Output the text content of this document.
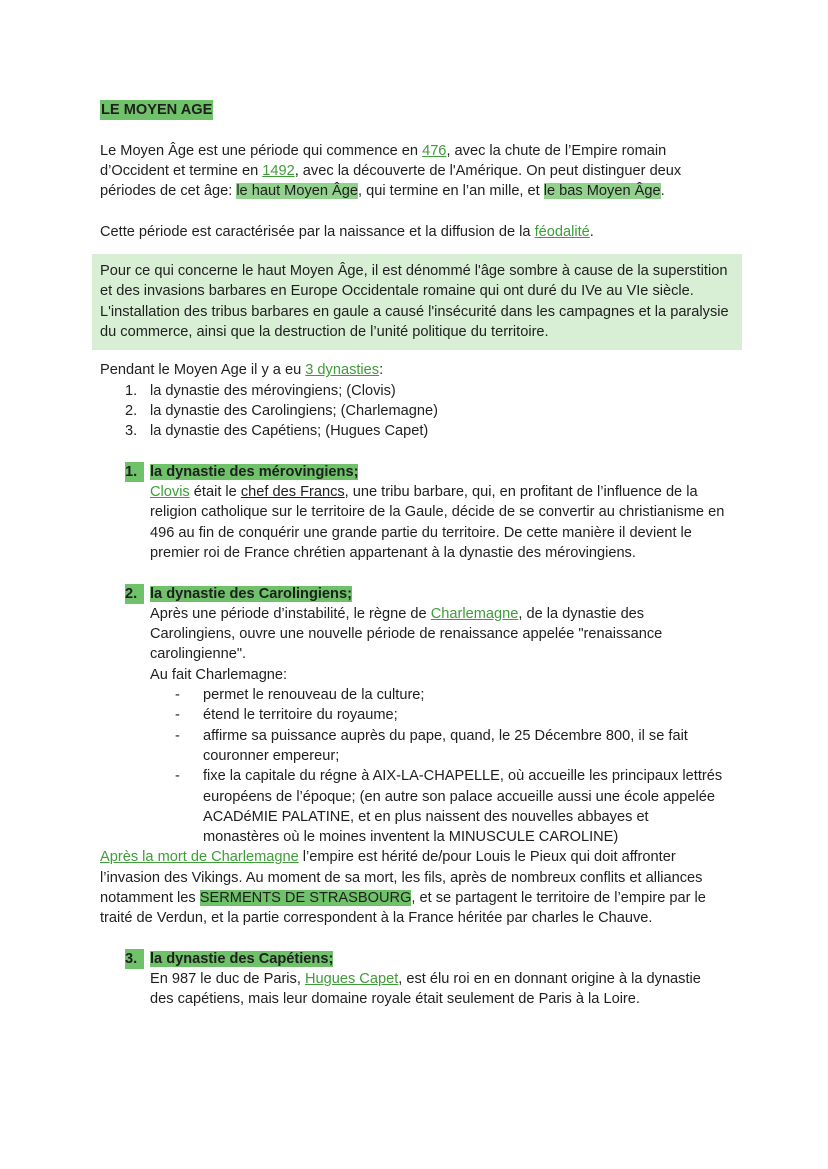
LE MOYEN AGE

Le Moyen Âge est une période qui commence en 476, avec la chute de l’Empire romain d’Occident et termine en 1492, avec la découverte de l'Amérique. On peut distinguer deux périodes de cet âge: le haut Moyen Âge, qui termine en l’an mille, et le bas Moyen Âge.

Cette période est caractérisée par la naissance et la diffusion de la féodalité.

Pour ce qui concerne le haut Moyen Âge, il est dénommé l'âge sombre à cause de la superstition et des invasions barbares en Europe Occidentale romaine qui ont duré du IVe au VIe siècle.

L'installation des tribus barbares en gaule a causé l'insécurité dans les campagnes et la paralysie du commerce, ainsi que la destruction de l’unité politique du territoire.

Pendant le Moyen Age il y a eu 3 dynasties:

1. la dynastie des mérovingiens; (Clovis)
2. la dynastie des Carolingiens; (Charlemagne)
3. la dynastie des Capétiens; (Hugues Capet)
1. la dynastie des mérovingiens;

Clovis était le chef des Francs, une tribu barbare, qui, en profitant de l’influence de la religion catholique sur le territoire de la Gaule, décide de se convertir au christianisme en 496 au fin de conquérir une grande partie du territoire. De cette manière il devient le premier roi de France chrétien appartenant à la dynastie des mérovingiens.

2. la dynastie des Carolingiens;

Après une période d’instabilité, le règne de Charlemagne, de la dynastie des Carolingiens, ouvre une nouvelle période de renaissance appelée "renaissance carolingienne".

Au fait Charlemagne:

- permet le renouveau de la culture;
- étend le territoire du royaume;
- affirme sa puissance auprès du pape, quand, le 25 Décembre 800, il se fait couronner empereur;
- fixe la capitale du régne à AIX-LA-CHAPELLE, où accueille les principaux lettrés européens de l’époque; (en autre son palace accueille aussi une école appelée ACADéMIE PALATINE, et en plus naissent des nouvelles abbayes et monastères où le moines inventent la MINUSCULE CAROLINE)

Après la mort de Charlemagne l’empire est hérité de/pour Louis le Pieux qui doit affronter l’invasion des Vikings. Au moment de sa mort, les fils, après de nombreux conflits et alliances notamment les SERMENTS DE STRASBOURG, et se partagent le territoire de l’empire par le traité de Verdun, et la partie correspondent à la France héritée par charles le Chauve.

3. la dynastie des Capétiens;

En 987 le duc de Paris, Hugues Capet, est élu roi en en donnant origine à la dynastie des capétiens, mais leur domaine royale était seulement de Paris à la Loire.
